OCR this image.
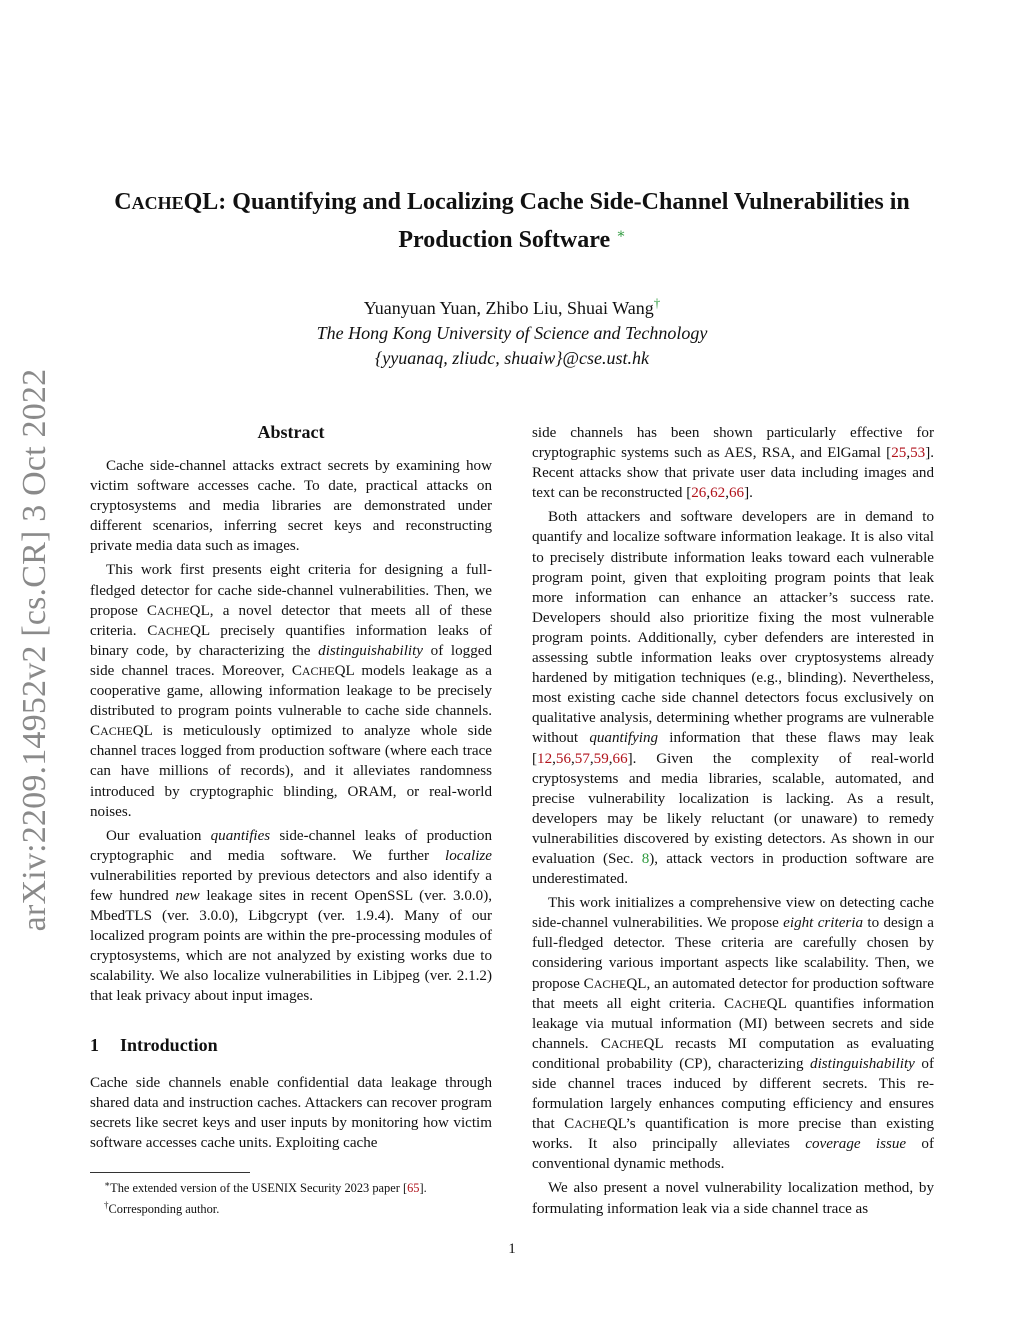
arXiv:2209.14952v2 [cs.CR] 3 Oct 2022
CACHEQL: Quantifying and Localizing Cache Side-Channel Vulnerabilities in
Production Software ∗
Yuanyuan Yuan, Zhibo Liu, Shuai Wang†
The Hong Kong University of Science and Technology
{yyuanaq, zliudc, shuaiw}@cse.ust.hk
Abstract

Cache side-channel attacks extract secrets by examining how victim software accesses cache. To date, practical attacks on cryptosystems and media libraries are demonstrated under different scenarios, inferring secret keys and reconstructing private media data such as images.

This work first presents eight criteria for designing a full-fledged detector for cache side-channel vulnerabilities. Then, we propose CACHEQL, a novel detector that meets all of these criteria. CACHEQL precisely quantifies information leaks of binary code, by characterizing the distinguishability of logged side channel traces. Moreover, CACHEQL models leakage as a cooperative game, allowing information leakage to be precisely distributed to program points vulnerable to cache side channels. CACHEQL is meticulously optimized to analyze whole side channel traces logged from production software (where each trace can have millions of records), and it alleviates randomness introduced by cryptographic blinding, ORAM, or real-world noises.

Our evaluation quantifies side-channel leaks of production cryptographic and media software. We further localize vulnerabilities reported by previous detectors and also identify a few hundred new leakage sites in recent OpenSSL (ver. 3.0.0), MbedTLS (ver. 3.0.0), Libgcrypt (ver. 1.9.4). Many of our localized program points are within the pre-processing modules of cryptosystems, which are not analyzed by existing works due to scalability. We also localize vulnerabilities in Libjpeg (ver. 2.1.2) that leak privacy about input images.

1 Introduction

Cache side channels enable confidential data leakage through shared data and instruction caches. Attackers can recover program secrets like secret keys and user inputs by monitoring how victim software accesses cache units. Exploiting cache

side channels has been shown particularly effective for cryptographic systems such as AES, RSA, and ElGamal [25,53]. Recent attacks show that private user data including images and text can be reconstructed [26,62,66].

Both attackers and software developers are in demand to quantify and localize software information leakage. It is also vital to precisely distribute information leaks toward each vulnerable program point, given that exploiting program points that leak more information can enhance an attacker’s success rate. Developers should also prioritize fixing the most vulnerable program points. Additionally, cyber defenders are interested in assessing subtle information leaks over cryptosystems already hardened by mitigation techniques (e.g., blinding). Nevertheless, most existing cache side channel detectors focus exclusively on qualitative analysis, determining whether programs are vulnerable without quantifying information that these flaws may leak [12,56,57,59,66]. Given the complexity of real-world cryptosystems and media libraries, scalable, automated, and precise vulnerability localization is lacking. As a result, developers may be likely reluctant (or unaware) to remedy vulnerabilities discovered by existing detectors. As shown in our evaluation (Sec. 8), attack vectors in production software are underestimated.

This work initializes a comprehensive view on detecting cache side-channel vulnerabilities. We propose eight criteria to design a full-fledged detector. These criteria are carefully chosen by considering various important aspects like scalability. Then, we propose CACHEQL, an automated detector for production software that meets all eight criteria. CACHEQL quantifies information leakage via mutual information (MI) between secrets and side channels. CACHEQL recasts MI computation as evaluating conditional probability (CP), characterizing distinguishability of side channel traces induced by different secrets. This re-formulation largely enhances computing efficiency and ensures that CACHEQL’s quantification is more precise than existing works. It also principally alleviates coverage issue of conventional dynamic methods.

We also present a novel vulnerability localization method, by formulating information leak via a side channel trace as

∗The extended version of the USENIX Security 2023 paper [65].
†Corresponding author.
1
